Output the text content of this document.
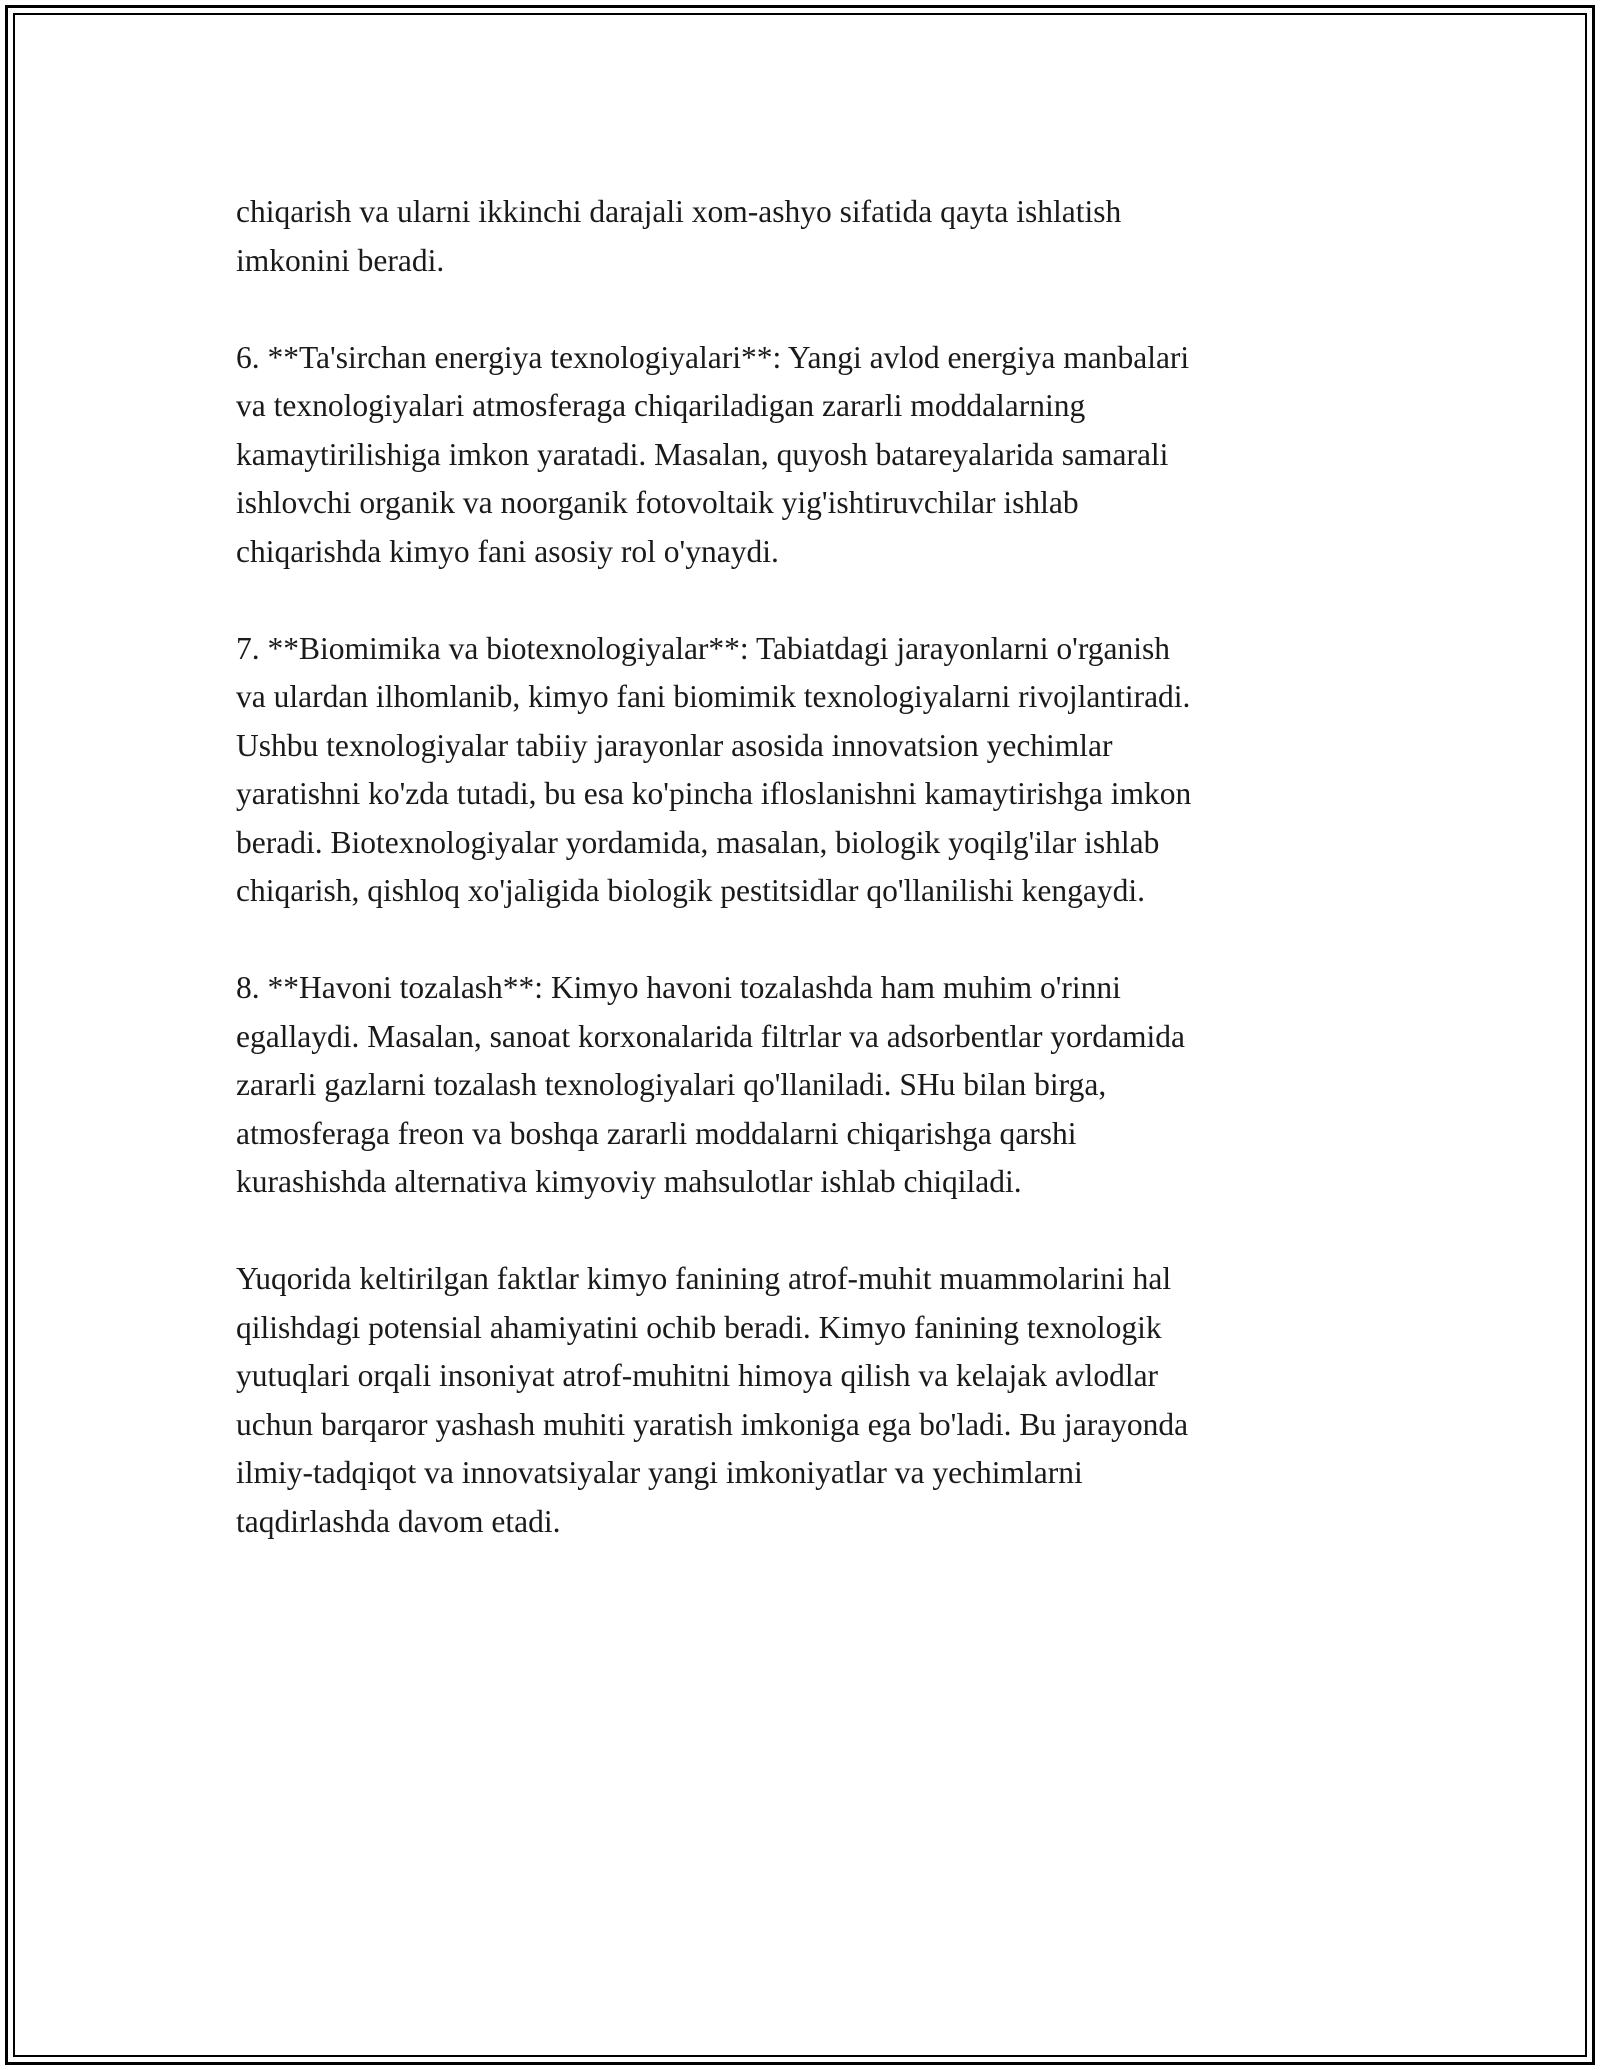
chiqarish va ularni ikkinchi darajali xom-ashyo sifatida qayta ishlatish
imkonini beradi.

6. **Ta'sirchan energiya texnologiyalari**: Yangi avlod energiya manbalari
va texnologiyalari atmosferaga chiqariladigan zararli moddalarning
kamaytirilishiga imkon yaratadi. Masalan, quyosh batareyalarida samarali
ishlovchi organik va noorganik fotovoltaik yig'ishtiruvchilar ishlab
chiqarishda kimyo fani asosiy rol o'ynaydi.

7. **Biomimika va biotexnologiyalar**: Tabiatdagi jarayonlarni o'rganish
va ulardan ilhomlanib, kimyo fani biomimik texnologiyalarni rivojlantiradi.
Ushbu texnologiyalar tabiiy jarayonlar asosida innovatsion yechimlar
yaratishni ko'zda tutadi, bu esa ko'pincha ifloslanishni kamaytirishga imkon
beradi. Biotexnologiyalar yordamida, masalan, biologik yoqilg'ilar ishlab
chiqarish, qishloq xo'jaligida biologik pestitsidlar qo'llanilishi kengaydi.

8. **Havoni tozalash**: Kimyo havoni tozalashda ham muhim o'rinni
egallaydi. Masalan, sanoat korxonalarida filtrlar va adsorbentlar yordamida
zararli gazlarni tozalash texnologiyalari qo'llaniladi. SHu bilan birga,
atmosferaga freon va boshqa zararli moddalarni chiqarishga qarshi
kurashishda alternativa kimyoviy mahsulotlar ishlab chiqiladi.

Yuqorida keltirilgan faktlar kimyo fanining atrof-muhit muammolarini hal
qilishdagi potensial ahamiyatini ochib beradi. Kimyo fanining texnologik
yutuqlari orqali insoniyat atrof-muhitni himoya qilish va kelajak avlodlar
uchun barqaror yashash muhiti yaratish imkoniga ega bo'ladi. Bu jarayonda
ilmiy-tadqiqot va innovatsiyalar yangi imkoniyatlar va yechimlarni
taqdirlashda davom etadi.
